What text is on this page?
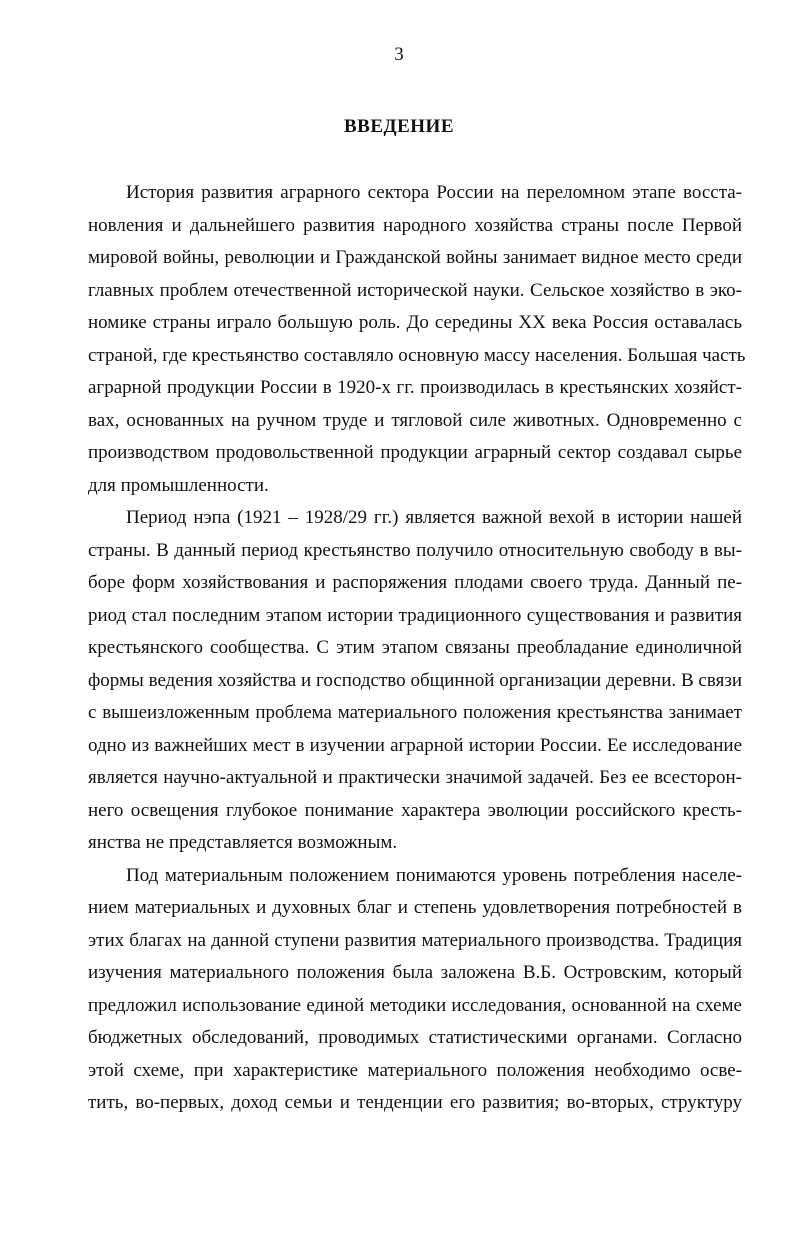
3
ВВЕДЕНИЕ
История развития аграрного сектора России на переломном этапе восста-
новления и дальнейшего развития народного хозяйства страны после Первой
мировой войны, революции и Гражданской войны занимает видное место среди
главных проблем отечественной исторической науки. Сельское хозяйство в эко-
номике страны играло большую роль. До середины XX века Россия оставалась
страной, где крестьянство составляло основную массу населения. Большая часть
аграрной продукции России в 1920-х гг. производилась в крестьянских хозяйст-
вах, основанных на ручном труде и тягловой силе животных. Одновременно с
производством продовольственной продукции аграрный сектор создавал сырье
для промышленности.
Период нэпа (1921 – 1928/29 гг.) является важной вехой в истории нашей
страны. В данный период крестьянство получило относительную свободу в вы-
боре форм хозяйствования и распоряжения плодами своего труда. Данный пе-
риод стал последним этапом истории традиционного существования и развития
крестьянского сообщества. С этим этапом связаны преобладание единоличной
формы ведения хозяйства и господство общинной организации деревни. В связи
с вышеизложенным проблема материального положения крестьянства занимает
одно из важнейших мест в изучении аграрной истории России. Ее исследование
является научно-актуальной и практически значимой задачей. Без ее всесторон-
него освещения глубокое понимание характера эволюции российского кресть-
янства не представляется возможным.
Под материальным положением понимаются уровень потребления населе-
нием материальных и духовных благ и степень удовлетворения потребностей в
этих благах на данной ступени развития материального производства. Традиция
изучения материального положения была заложена В.Б. Островским, который
предложил использование единой методики исследования, основанной на схеме
бюджетных обследований, проводимых статистическими органами. Согласно
этой схеме, при характеристике материального положения необходимо осве-
тить, во-первых, доход семьи и тенденции его развития; во-вторых, структуру
